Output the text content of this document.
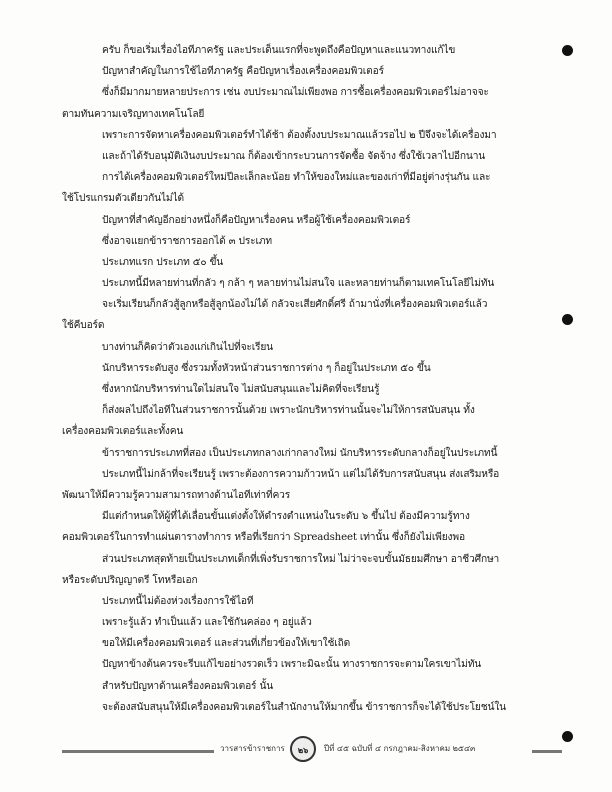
ครับ ก็ขอเริ่มเรื่องไอทีภาครัฐ และประเด็นแรกที่จะพูดถึงคือปัญหาและแนวทางแก้ไข
ปัญหาสำคัญในการใช้ไอทีภาครัฐ คือปัญหาเรื่องเครื่องคอมพิวเตอร์
ซึ่งก็มีมากมายหลายประการ เช่น งบประมาณไม่เพียงพอ การซื้อเครื่องคอมพิวเตอร์ไม่อาจจะ
ตามทันความเจริญทางเทคโนโลยี
เพราะการจัดหาเครื่องคอมพิวเตอร์ทำได้ช้า ต้องตั้งงบประมาณแล้วรอไป ๒ ปีจึงจะได้เครื่องมา
และถ้าได้รับอนุมัติเงินงบประมาณ ก็ต้องเข้ากระบวนการจัดซื้อ จัดจ้าง ซึ่งใช้เวลาไปอีกนาน
การได้เครื่องคอมพิวเตอร์ใหม่ปีละเล็กละน้อย ทำให้ของใหม่และของเก่าที่มีอยู่ต่างรุ่นกัน และ
ใช้โปรแกรมตัวเดียวกันไม่ได้
ปัญหาที่สำคัญอีกอย่างหนึ่งก็คือปัญหาเรื่องคน หรือผู้ใช้เครื่องคอมพิวเตอร์
ซึ่งอาจแยกข้าราชการออกได้ ๓ ประเภท
ประเภทแรก ประเภท ๕๐ ขึ้น
ประเภทนี้มีหลายท่านที่กลัว ๆ กล้า ๆ หลายท่านไม่สนใจ และหลายท่านก็ตามเทคโนโลยีไม่ทัน
จะเริ่มเรียนก็กลัวสู้ลูกหรือสู้ลูกน้องไม่ได้ กลัวจะเสียศักดิ์ศรี ถ้ามานั่งที่เครื่องคอมพิวเตอร์แล้ว
ใช้คีบอร์ด
บางท่านก็คิดว่าตัวเองแก่เกินไปที่จะเรียน
นักบริหารระดับสูง ซึ่งรวมทั้งหัวหน้าส่วนราชการต่าง ๆ ก็อยู่ในประเภท ๕๐ ขึ้น
ซึ่งหากนักบริหารท่านใดไม่สนใจ ไม่สนับสนุนและไม่คิดที่จะเรียนรู้
ก็ส่งผลไปถึงไอทีในส่วนราชการนั้นด้วย เพราะนักบริหารท่านนั้นจะไม่ให้การสนับสนุน ทั้ง
เครื่องคอมพิวเตอร์และทั้งคน
ข้าราชการประเภทที่สอง เป็นประเภทกลางเก่ากลางใหม่ นักบริหารระดับกลางก็อยู่ในประเภทนี้
ประเภทนี้ไม่กล้าที่จะเรียนรู้ เพราะต้องการความก้าวหน้า แต่ไม่ได้รับการสนับสนุน ส่งเสริมหรือ
พัฒนาให้มีความรู้ความสามารถทางด้านไอทีเท่าที่ควร
มีแต่กำหนดให้ผู้ที่ได้เลื่อนขั้นแต่งตั้งให้ดำรงตำแหน่งในระดับ ๖ ขึ้นไป ต้องมีความรู้ทาง
คอมพิวเตอร์ในการทำแผ่นตารางทำการ หรือที่เรียกว่า Spreadsheet เท่านั้น ซึ่งก็ยังไม่เพียงพอ
ส่วนประเภทสุดท้ายเป็นประเภทเด็กที่เพิ่งรับราชการใหม่ ไม่ว่าจะจบขั้นมัธยมศึกษา อาชีวศึกษา
หรือระดับปริญญาตรี โทหรือเอก
ประเภทนี้ไม่ต้องห่วงเรื่องการใช้ไอที
เพราะรู้แล้ว ทำเป็นแล้ว และใช้กันคล่อง ๆ อยู่แล้ว
ขอให้มีเครื่องคอมพิวเตอร์ และส่วนที่เกี่ยวข้องให้เขาใช้เถิด
ปัญหาข้างต้นควรจะรีบแก้ไขอย่างรวดเร็ว เพราะมิฉะนั้น ทางราชการจะตามใครเขาไม่ทัน
สำหรับปัญหาด้านเครื่องคอมพิวเตอร์ นั้น
จะต้องสนับสนุนให้มีเครื่องคอมพิวเตอร์ในสำนักงานให้มากขึ้น ข้าราชการก็จะได้ใช้ประโยชน์ใน
วารสารข้าราชการ	๒๖	ปีที่ ๔๕ ฉบับที่ ๔ กรกฎาคม-สิงหาคม ๒๕๔๓
